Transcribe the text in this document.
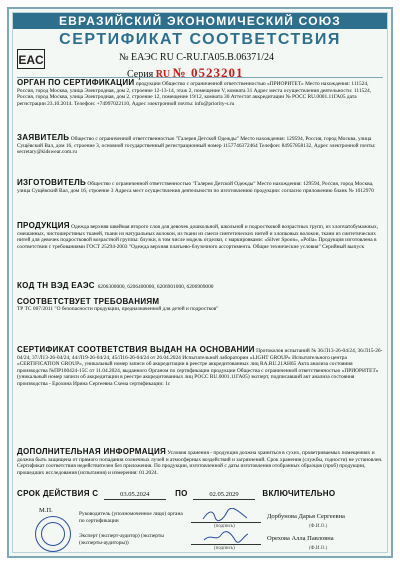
ЕВРАЗИЙСКИЙ ЭКОНОМИЧЕСКИЙ СОЮЗ
СЕРТИФИКАТ СООТВЕТСТВИЯ
EAC	№ ЕАЭС RU С-RU.ГА05.В.06371/24
Серия RU № 0523201
ОРГАН ПО СЕРТИФИКАЦИИ продукции Общество с ограниченной ответственностью «ПРИОРИТЕТ» Место нахождения: 111524, Россия, город Москва, улица Электродная, дом 2, строение 12-13-14, этаж 2, помещение V, комната 31 Адрес места осуществления деятельности: 111524, Россия, город Москва, улица Электродная, дом 2, строение 12, помещение 19/12, комната 30 Аттестат аккредитации № РОСС RU.0001.11ГА05 дата регистрации 23.10.2014. Телефон: +74997022110, Адрес электронной почты: info@priority-s.ru
ЗАЯВИТЕЛЬ Общество с ограниченной ответственностью "Галерея Детской Одежды" Место нахождения: 129594, Россия, город Москва, улица Сущёвский Вал, дом 16, строение 3, основной государственный регистрационный номер 1157746372464 Телефон: 84957858132, Адрес электронной почты: secretary@kidswear.com.ru
ИЗГОТОВИТЕЛЬ Общество с ограниченной ответственностью "Галерея Детской Одежды" Место нахождения: 129594, Россия, город Москва, улица Сущёвский Вал, дом 16, строение 3 Адреса мест осуществления деятельности по изготовлению продукции: согласно приложению бланк № 1012970
ПРОДУКЦИЯ Одежда верхняя швейная второго слоя для девочек дошкольной, школьной и подростковой возрастных групп, из хлопчатобумажных, смешанных, чистошерстяных тканей, ткани из натуральных волокон, из ткани из смеси синтетических нитей и хлопковых волокон, ткани из синтетических нитей для девочек подростковой возрастной группы: блузки, в том числе модель отделки, с маркировками: «Silver Spoon», «Polla» Продукция изготовлена в соответствии с требованиями ГОСТ 25294-2003 "Одежда верхняя платьево-блузочного ассортимента. Общие технические условия" Серийный выпуск
КОД ТН ВЭД ЕАЭС 6206300000, 6206400000, 6206901000, 6206909000
СООТВЕТСТВУЕТ ТРЕБОВАНИЯМ
ТР ТС 007/2011 "О безопасности продукции, предназначенной для детей и подростков"
СЕРТИФИКАТ СООТВЕТСТВИЯ ВЫДАН НА ОСНОВАНИИ Протоколов испытаний № 36/Л13-26-04/24, 36/Л15-26-04/24, 37/Л13-26-04/24, 44/Л19-26-04/24, 45/Л16-26-04/24 от 26.04.2024 Испытательной лаборатории «LIGHT GROUP» Испытательного центра «CERTIFICATION GROUP», уникальный номер записи об аккредитации в реестре аккредитованных лиц RA.RU.21АН65 Акта анализа состояния производства №ПР100424-15С от 11.04.2024, выданного Органом по сертификации продукции Общества с ограниченной ответственностью «ПРИОРИТЕТ» (уникальный номер записи об аккредитации в реестре аккредитованных лиц РОСС RU.0001.11ГА05) эксперт, подписавший акт анализа состояния производства - Ерохина Ирина Сергеевна Схема сертификации: 1с
ДОПОЛНИТЕЛЬНАЯ ИНФОРМАЦИЯ Условия хранения - продукция должна храниться в сухих, проветриваемых помещениях и должна быть защищена от прямого попадания солнечных лучей и атмосферных воздействий и загрязнений. Срок хранения (службы, годности) не установлен. Сертификат соответствия недействителен без приложения. По продукции, изготовленной с даты изготовления отобранных образцов (проб) продукции, прошедших исследования (испытания) и измерения: 01.2024.
СРОК ДЕЙСТВИЯ С	03.05.2024	ПО	02.05.2029	ВКЛЮЧИТЕЛЬНО
М.П.	Руководитель (уполномоченное лицо) органа по сертификации
Дорбунова Дарья Сергеевна
(подпись)	(Ф.И.О.)
Эксперт (эксперт-аудитор) (эксперты (эксперты-аудиторы))
Орехова Алла Павловна
(подпись)	(Ф.И.О.)
